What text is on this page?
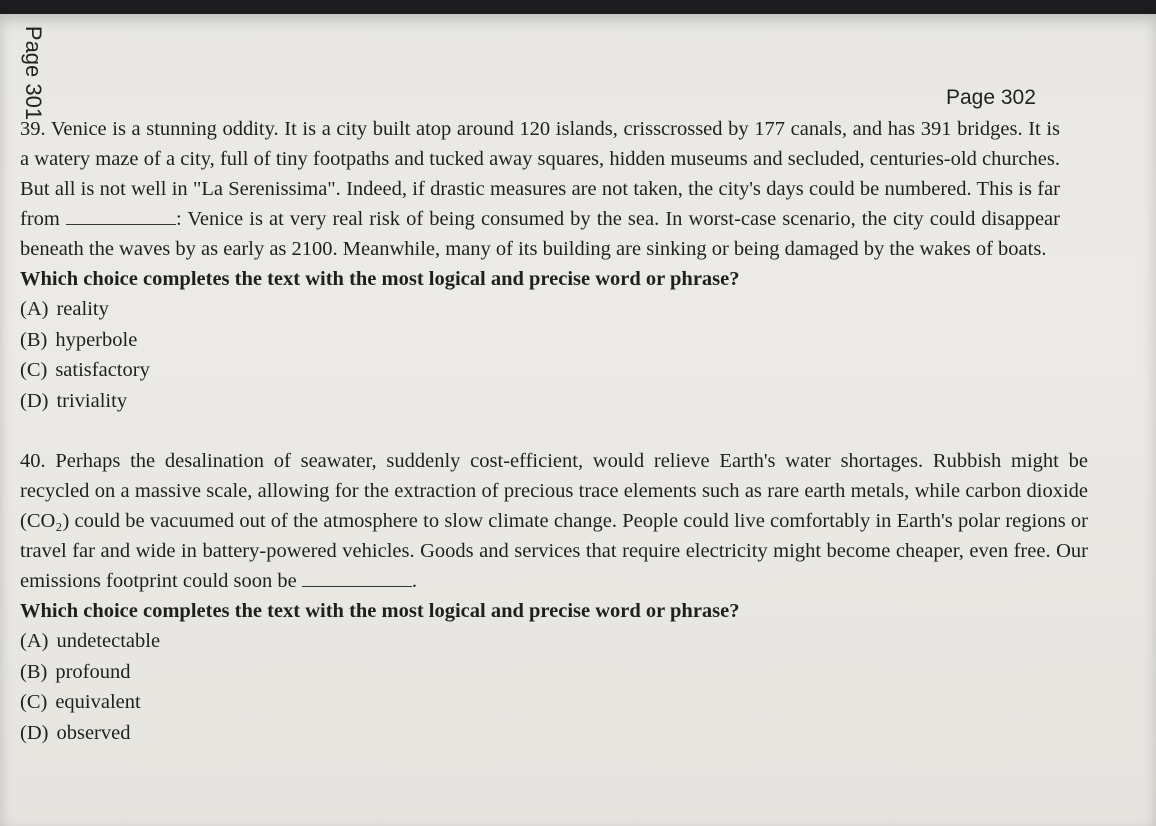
Page 301	Page 302

39. Venice is a stunning oddity. It is a city built atop around 120 islands, crisscrossed by 177 canals, and has 391 bridges. It is a watery maze of a city, full of tiny footpaths and tucked away squares, hidden museums and secluded, centuries-old churches. But all is not well in "La Serenissima". Indeed, if drastic measures are not taken, the city's days could be numbered. This is far from	: Venice is at very real risk of being consumed by the sea. In worst-case scenario, the city could disappear beneath the waves by as early as 2100. Meanwhile, many of its building are sinking or being damaged by the wakes of boats.

Which choice completes the text with the most logical and precise word or phrase?

(A) reality
(B) hyperbole
(C) satisfactory
(D) triviality

40. Perhaps the desalination of seawater, suddenly cost-efficient, would relieve Earth's water shortages. Rubbish might be recycled on a massive scale, allowing for the extraction of precious trace elements such as rare earth metals, while carbon dioxide (CO₂) could be vacuumed out of the atmosphere to slow climate change. People could live comfortably in Earth's polar regions or travel far and wide in battery-powered vehicles. Goods and services that require electricity might become cheaper, even free. Our emissions footprint could soon be	.

Which choice completes the text with the most logical and precise word or phrase?

(A) undetectable
(B) profound
(C) equivalent
(D) observed
